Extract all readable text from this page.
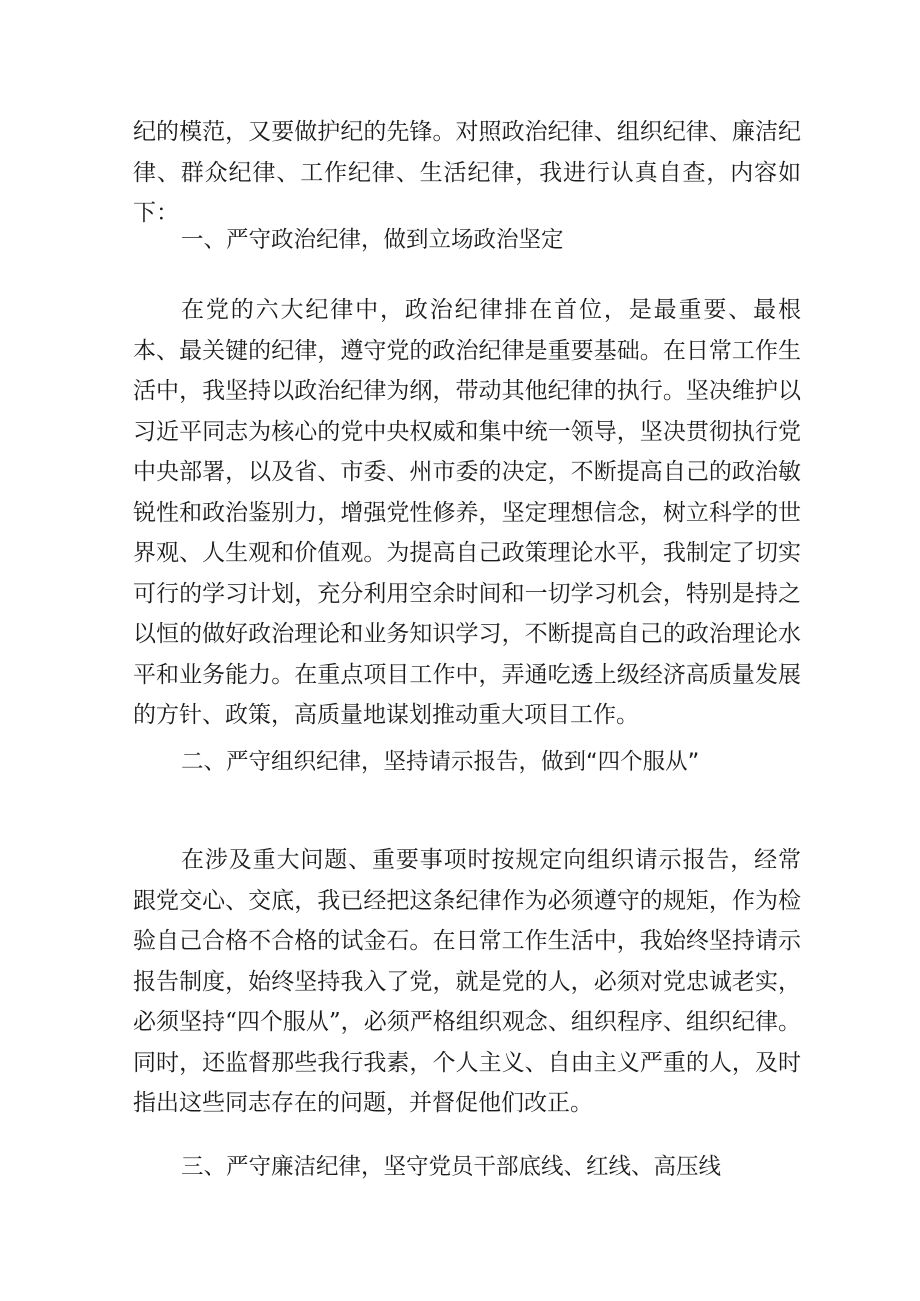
纪的模范，又要做护纪的先锋。对照政治纪律、组织纪律、廉洁纪律、群众纪律、工作纪律、生活纪律，我进行认真自查，内容如下：

一、严守政治纪律，做到立场政治坚定

在党的六大纪律中，政治纪律排在首位，是最重要、最根本、最关键的纪律，遵守党的政治纪律是重要基础。在日常工作生活中，我坚持以政治纪律为纲，带动其他纪律的执行。坚决维护以习近平同志为核心的党中央权威和集中统一领导，坚决贯彻执行党中央部署，以及省、市委、州市委的决定，不断提高自己的政治敏锐性和政治鉴别力，增强党性修养，坚定理想信念，树立科学的世界观、人生观和价值观。为提高自己政策理论水平，我制定了切实可行的学习计划，充分利用空余时间和一切学习机会，特别是持之以恒的做好政治理论和业务知识学习，不断提高自己的政治理论水平和业务能力。在重点项目工作中，弄通吃透上级经济高质量发展的方针、政策，高质量地谋划推动重大项目工作。

二、严守组织纪律，坚持请示报告，做到“四个服从”

在涉及重大问题、重要事项时按规定向组织请示报告，经常跟党交心、交底，我已经把这条纪律作为必须遵守的规矩，作为检验自己合格不合格的试金石。在日常工作生活中，我始终坚持请示报告制度，始终坚持我入了党，就是党的人，必须对党忠诚老实，必须坚持“四个服从”，必须严格组织观念、组织程序、组织纪律。同时，还监督那些我行我素，个人主义、自由主义严重的人，及时指出这些同志存在的问题，并督促他们改正。

三、严守廉洁纪律，坚守党员干部底线、红线、高压线
